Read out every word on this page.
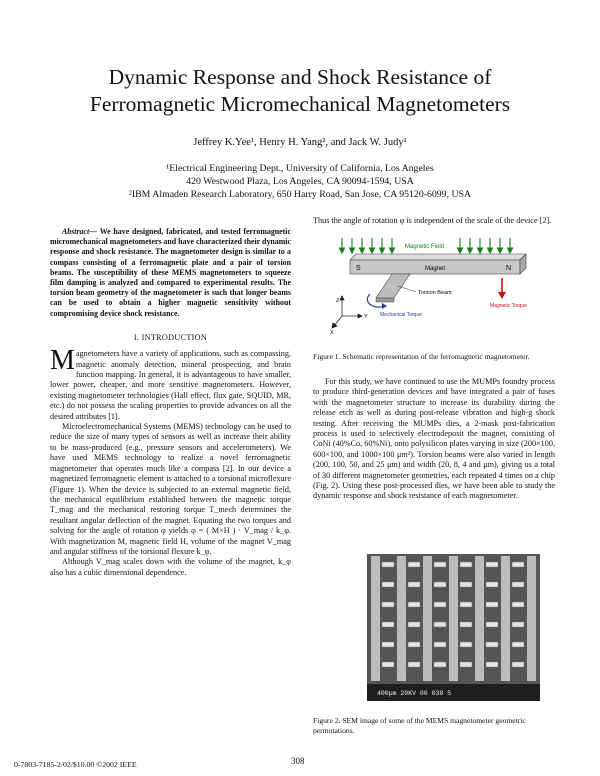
Dynamic Response and Shock Resistance of
Ferromagnetic Micromechanical Magnetometers
Jeffrey K.Yee¹, Henry H. Yang², and Jack W. Judy¹
¹Electrical Engineering Dept., University of California, Los Angeles
420 Westwood Plaza, Los Angeles, CA 90094-1594, USA
²IBM Almaden Research Laboratory, 650 Harry Road, San Jose, CA 95120-6099, USA

Abstract— We have designed, fabricated, and tested ferromagnetic micromechanical magnetometers and have characterized their dynamic response and shock resistance. The magnetometer design is similar to a compass consisting of a ferromagnetic plate and a pair of torsion beams. The susceptibility of these MEMS magnetometers to squeeze film damping is analyzed and compared to experimental results. The torsion beam geometry of the magnetometer is such that longer beams can be used to obtain a higher magnetic sensitivity without compromising device shock resistance.

I. INTRODUCTION

Magnetometers have a variety of applications, such as compassing, magnetic anomaly detection, mineral prospecting, and brain function mapping. In general, it is advantageous to have smaller, lower power, cheaper, and more sensitive magnetometers. However, existing magnetometer technologies (Hall effect, flux gate, SQUID, MR, etc.) do not possess the scaling properties to provide advances on all the desired attributes [1].

Microelectromechanical Systems (MEMS) technology can be used to reduce the size of many types of sensors as well as increase their ability to be mass-produced (e.g., pressure sensors and accelerometers). We have used MEMS technology to realize a novel ferromagnetic magnetometer that operates much like a compass [2]. In our device a magnetized ferromagnetic element is attached to a torsional microflexure (Figure 1). When the device is subjected to an external magnetic field, the mechanical equilibrium established between the magnetic torque T_mag and the mechanical restoring torque T_mech determines the resultant angular deflection of the magnet. Equating the two torques and solving for the angle of rotation φ yields φ = ( M×H ) · V_mag / k_φ. With magnetization M, magnetic field H, volume of the magnet V_mag and angular stiffness of the torsional flexure k_φ.

Although V_mag scales down with the volume of the magnet, k_φ also has a cubic dimensional dependence.

Thus the angle of rotation φ is independent of the scale of the device [2].

Magnetic Field
S	Magnet	N
Torsion Beam
Mechanical Torque
Magnetic Torque
Z
Y
X
Figure 1. Schematic representation of the ferromagnetic magnetometer.

For this study, we have continued to use the MUMPs foundry process to produce third-generation devices and have integrated a pair of fuses with the magnetometer structure to increase its durability during the release etch as well as during post-release vibration and high-g shock testing. After receiving the MUMPs dies, a 2-mask post-fabrication process is used to selectively electrodeposit the magnet, consisting of CoNi (40%Co, 60%Ni), onto polysilicon plates varying in size (200×100, 600×100, and 1000×100 μm²). Torsion beams were also varied in length (200, 100, 50, and 25 μm) and width (20, 8, 4 and μm), giving us a total of 30 different magnetometer geometries, each repeated 4 times on a chip (Fig. 2). Using these post-processed dies, we have been able to study the dynamic response and shock resistance of each magnetometer.

400µm 20KV 00 038 S
Figure 2. SEM image of some of the MEMS magnetometer geometric permutations.
0-7803-7185-2/02/$10.00 ©2002 IEEE	308
